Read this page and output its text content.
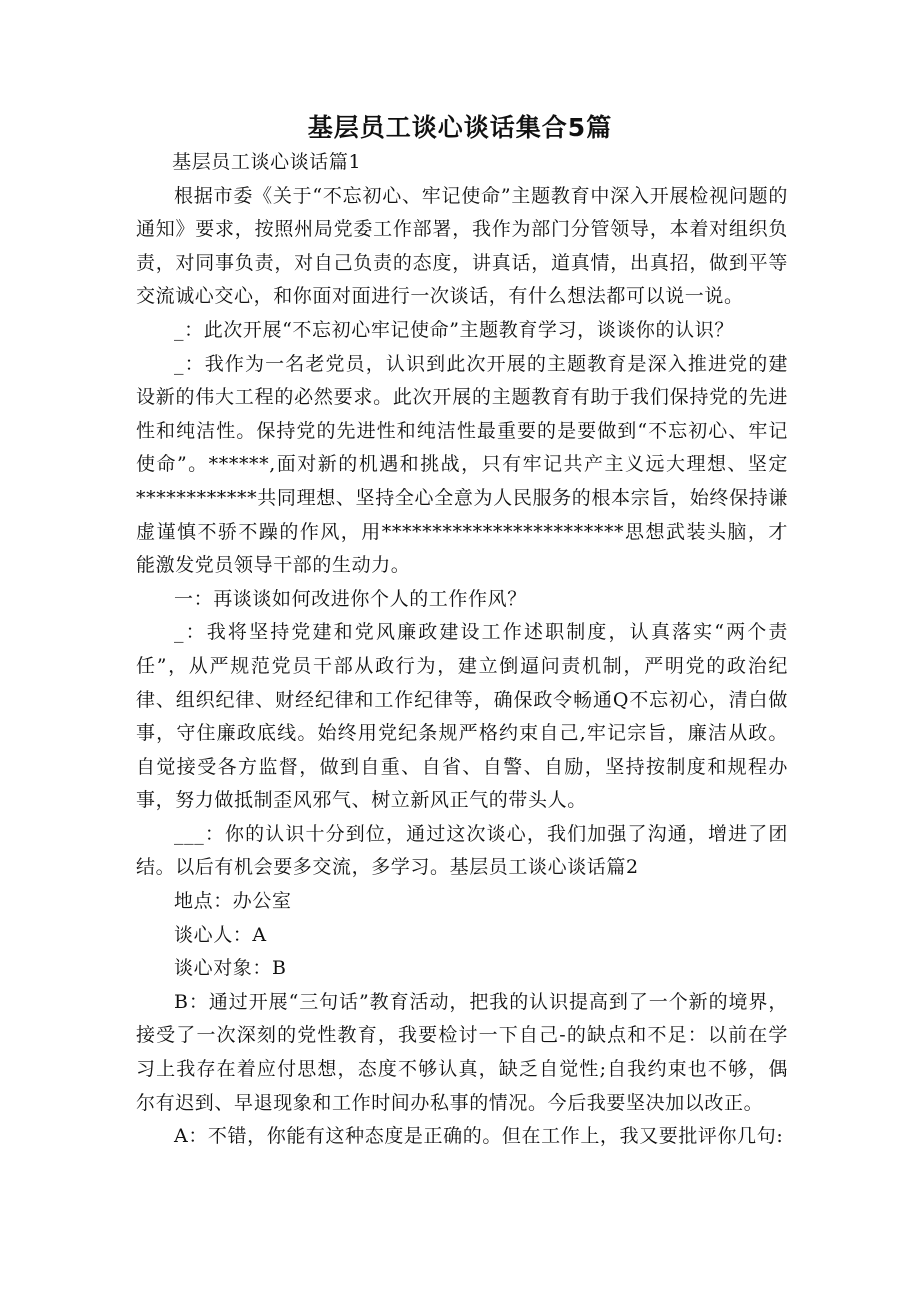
基层员工谈心谈话集合5篇

基层员工谈心谈话篇1

根据市委《关于“不忘初心、牢记使命”主题教育中深入开展检视问题的通知》要求，按照州局党委工作部署，我作为部门分管领导，本着对组织负责，对同事负责，对自己负责的态度，讲真话，道真情，出真招，做到平等交流诚心交心，和你面对面进行一次谈话，有什么想法都可以说一说。

_：此次开展“不忘初心牢记使命”主题教育学习，谈谈你的认识？

_：我作为一名老党员，认识到此次开展的主题教育是深入推进党的建设新的伟大工程的必然要求。此次开展的主题教育有助于我们保持党的先进性和纯洁性。保持党的先进性和纯洁性最重要的是要做到“不忘初心、牢记使命”。******,面对新的机遇和挑战，只有牢记共产主义远大理想、坚定************共同理想、坚持全心全意为人民服务的根本宗旨，始终保持谦虚谨慎不骄不躁的作风，用************************思想武装头脑，才能激发党员领导干部的生动力。

一：再谈谈如何改进你个人的工作作风？

_：我将坚持党建和党风廉政建设工作述职制度，认真落实“两个责任”，从严规范党员干部从政行为，建立倒逼问责机制，严明党的政治纪律、组织纪律、财经纪律和工作纪律等，确保政令畅通Q不忘初心，清白做事，守住廉政底线。始终用党纪条规严格约束自己,牢记宗旨，廉洁从政。自觉接受各方监督，做到自重、自省、自警、自励，坚持按制度和规程办事，努力做抵制歪风邪气、树立新风正气的带头人。

___：你的认识十分到位，通过这次谈心，我们加强了沟通，增进了团结。以后有机会要多交流，多学习。基层员工谈心谈话篇2

地点：办公室

谈心人：A

谈心对象：B

B：通过开展“三句话”教育活动，把我的认识提高到了一个新的境界，接受了一次深刻的党性教育，我要检讨一下自己-的缺点和不足：以前在学习上我存在着应付思想，态度不够认真，缺乏自觉性;自我约束也不够，偶尔有迟到、早退现象和工作时间办私事的情况。今后我要坚决加以改正。

A：不错，你能有这种态度是正确的。但在工作上，我又要批评你几句:
